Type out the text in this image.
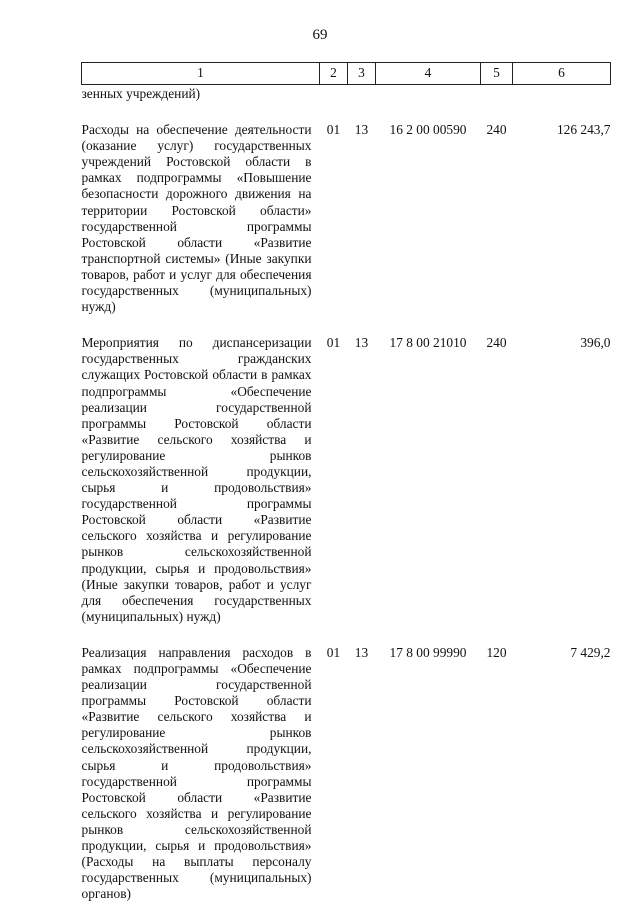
69
1	2	3	4	5	6
зенных учреждений)					
Расходы на обеспечение деятельности (оказание услуг) государственных учреждений Ростовской области в рамках подпрограммы «Повышение безопасности дорожного движения на территории Ростовской области» государственной программы Ростовской области «Развитие транспортной системы» (Иные закупки товаров, работ и услуг для обеспечения государственных (муниципальных) нужд)	01	13	16 2 00 00590	240	126 243,7
Мероприятия по диспансеризации государственных гражданских служащих Ростовской области в рамках подпрограммы «Обеспечение реализации государственной программы Ростовской области «Развитие сельского хозяйства и регулирование рынков сельскохозяйственной продукции, сырья и продовольствия» государственной программы Ростовской области «Развитие сельского хозяйства и регулирование рынков сельскохозяйственной продукции, сырья и продовольствия» (Иные закупки товаров, работ и услуг для обеспечения государственных (муниципальных) нужд)	01	13	17 8 00 21010	240	396,0
Реализация направления расходов в рамках подпрограммы «Обеспечение реализации государственной программы Ростовской области «Развитие сельского хозяйства и регулирование рынков сельскохозяйственной продукции, сырья и продовольствия» государственной программы Ростовской области «Развитие сельского хозяйства и регулирование рынков сельскохозяйственной продукции, сырья и продовольствия» (Расходы на выплаты персоналу государственных (муниципальных) органов)	01	13	17 8 00 99990	120	7 429,2
